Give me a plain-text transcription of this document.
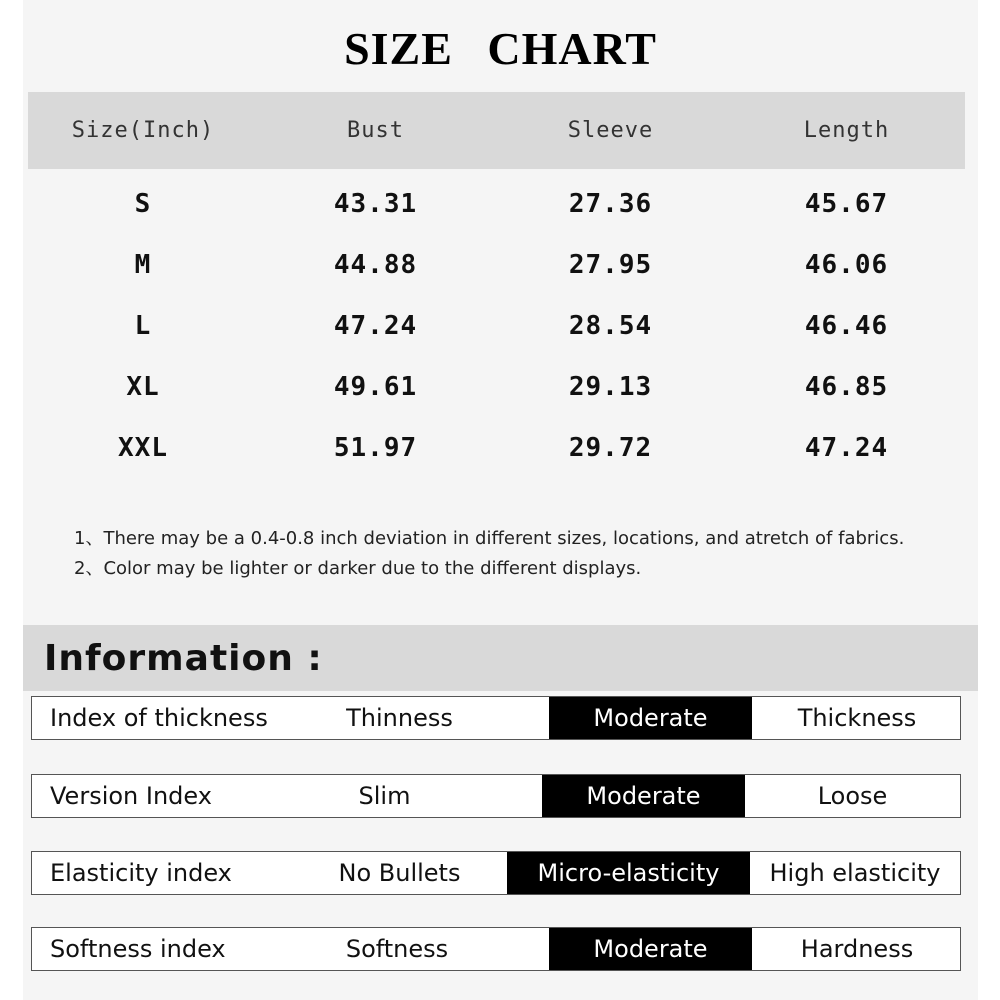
SIZE CHART
Size(Inch)	Bust	Sleeve	Length
S	43.31	27.36	45.67
M	44.88	27.95	46.06
L	47.24	28.54	46.46
XL	49.61	29.13	46.85
XXL	51.97	29.72	47.24
1、There may be a 0.4-0.8 inch deviation in different sizes, locations, and atretch of fabrics.
2、Color may be lighter or darker due to the different displays.
Information :
Index of thickness	Thinness	Moderate	Thickness
Version Index	Slim	Moderate	Loose
Elasticity index	No Bullets	Micro-elasticity	High elasticity
Softness index	Softness	Moderate	Hardness
